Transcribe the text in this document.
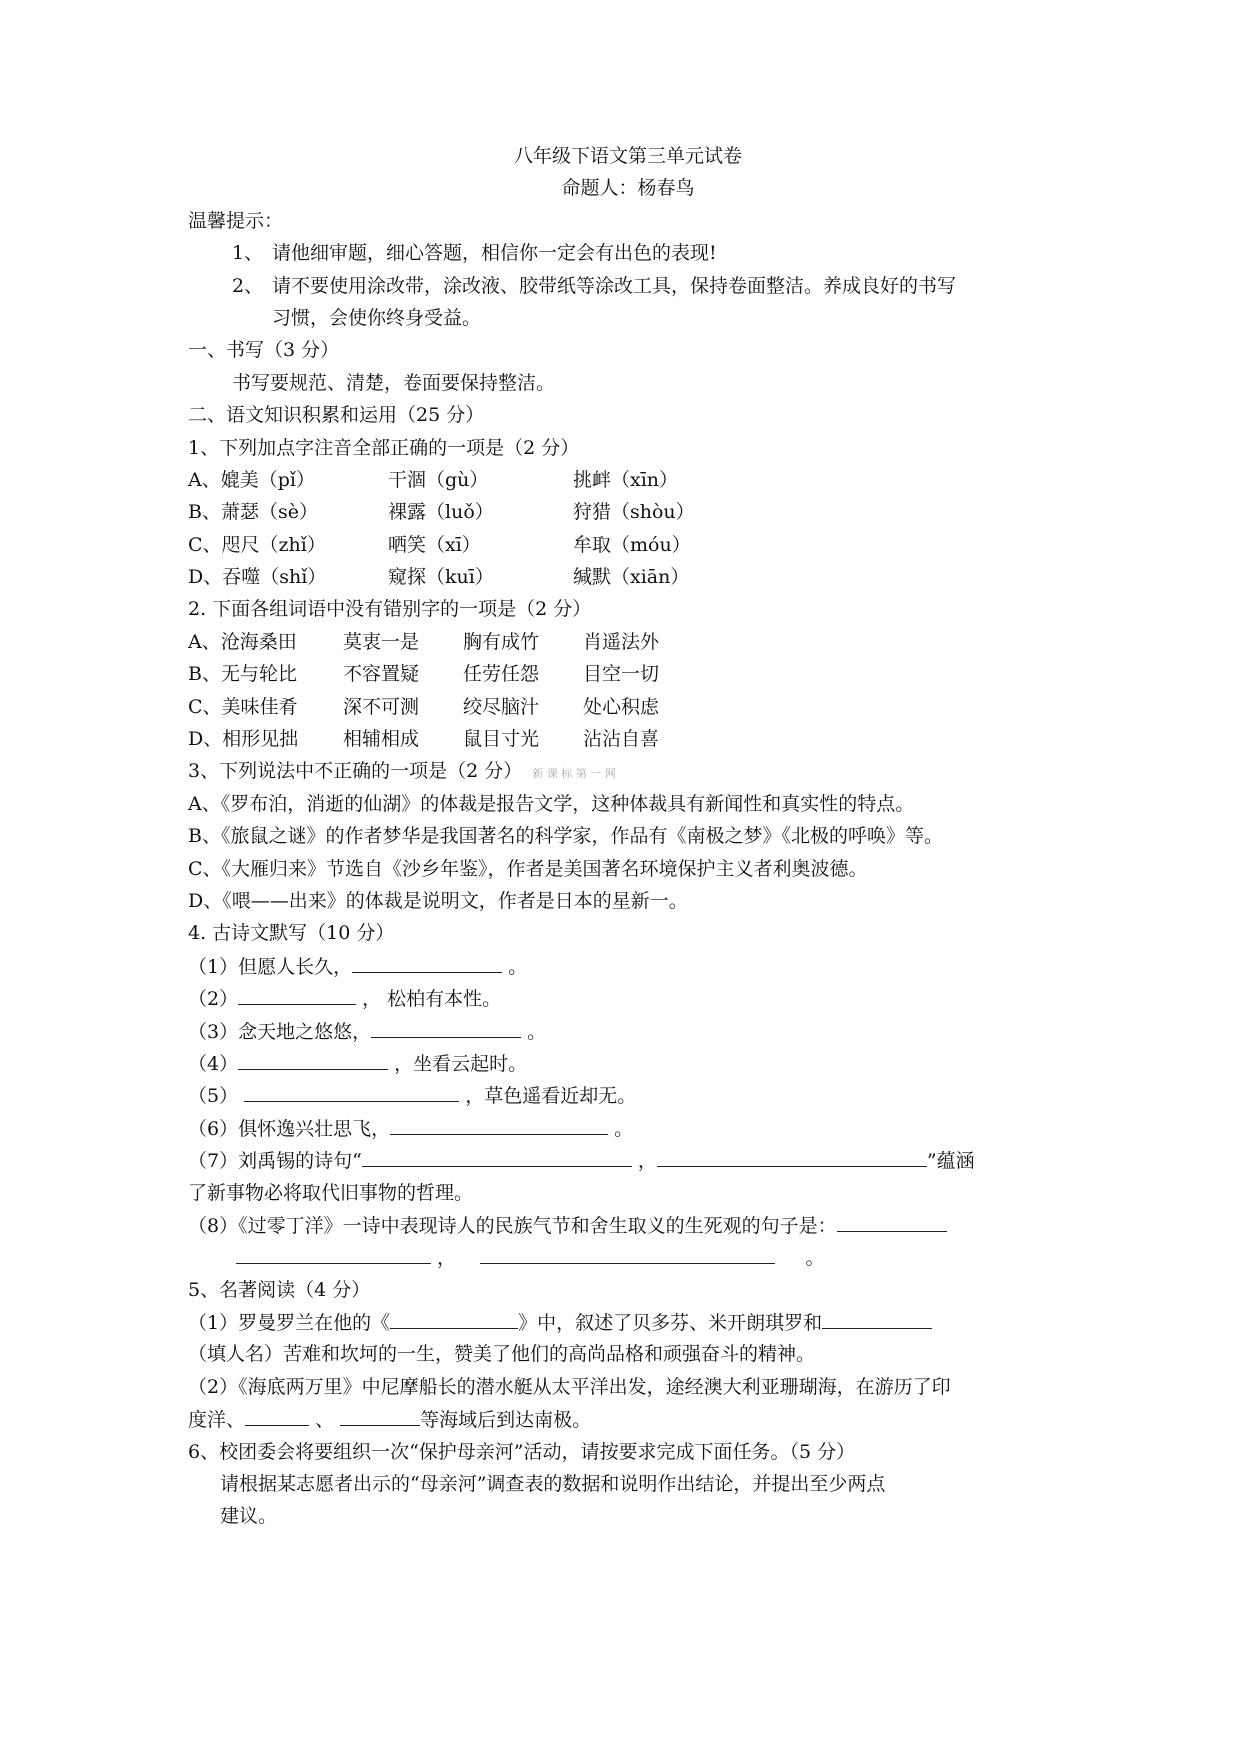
八年级下语文第三单元试卷
命题人：杨春鸟
温馨提示：
1、 请他细审题，细心答题，相信你一定会有出色的表现!
2、 请不要使用涂改带，涂改液、胶带纸等涂改工具，保持卷面整洁。养成良好的书写
习惯，会使你终身受益。
一、书写（3 分）
书写要规范、清楚，卷面要保持整洁。
二、语文知识积累和运用（25 分）
1、下列加点字注音全部正确的一项是（2 分）
A、媲美（pǐ）	干涸（gù）	挑衅（xīn）
B、萧瑟（sè）	裸露（luǒ）	狩猎（shòu）
C、咫尺（zhǐ）	哂笑（xī）	牟取（móu）
D、吞噬（shǐ）	窥探（kuī）	缄默（xiān）
2. 下面各组词语中没有错别字的一项是（2 分）
A、沧海桑田 莫衷一是 胸有成竹 肖遥法外
B、无与轮比 不容置疑 任劳任怨 目空一切
C、美味佳肴 深不可测 绞尽脑汁 处心积虑
D、相形见拙 相辅相成 鼠目寸光 沾沾自喜
3、下列说法中不正确的一项是（2 分） 新 课 标 第 一 网
A、《罗布泊，消逝的仙湖》的体裁是报告文学，这种体裁具有新闻性和真实性的特点。
B、《旅鼠之谜》的作者梦华是我国著名的科学家，作品有《南极之梦》《北极的呼唤》等。
C、《大雁归来》节选自《沙乡年鉴》，作者是美国著名环境保护主义者利奥波德。
D、《喂——出来》的体裁是说明文，作者是日本的星新一。
4. 古诗文默写（10 分）
（1）但愿人长久，	。
（2）	， 松柏有本性。
（3）念天地之悠悠，	。
（4）	，坐看云起时。
（5）	，草色遥看近却无。
（6）俱怀逸兴壮思飞，	。
（7）刘禹锡的诗句“	，	”蕴涵
了新事物必将取代旧事物的哲理。
（8）《过零丁洋》一诗中表现诗人的民族气节和舍生取义的生死观的句子是：
，	。
5、名著阅读（4 分）
（1）罗曼罗兰在他的《	》中，叙述了贝多芬、米开朗琪罗和
（填人名）苦难和坎坷的一生，赞美了他们的高尚品格和顽强奋斗的精神。
（2）《海底两万里》中尼摩船长的潜水艇从太平洋出发，途经澳大利亚珊瑚海，在游历了印
度洋、	、	等海域后到达南极。
6、校团委会将要组织一次“保护母亲河”活动，请按要求完成下面任务。（5 分）
请根据某志愿者出示的“母亲河”调查表的数据和说明作出结论，并提出至少两点
建议。
